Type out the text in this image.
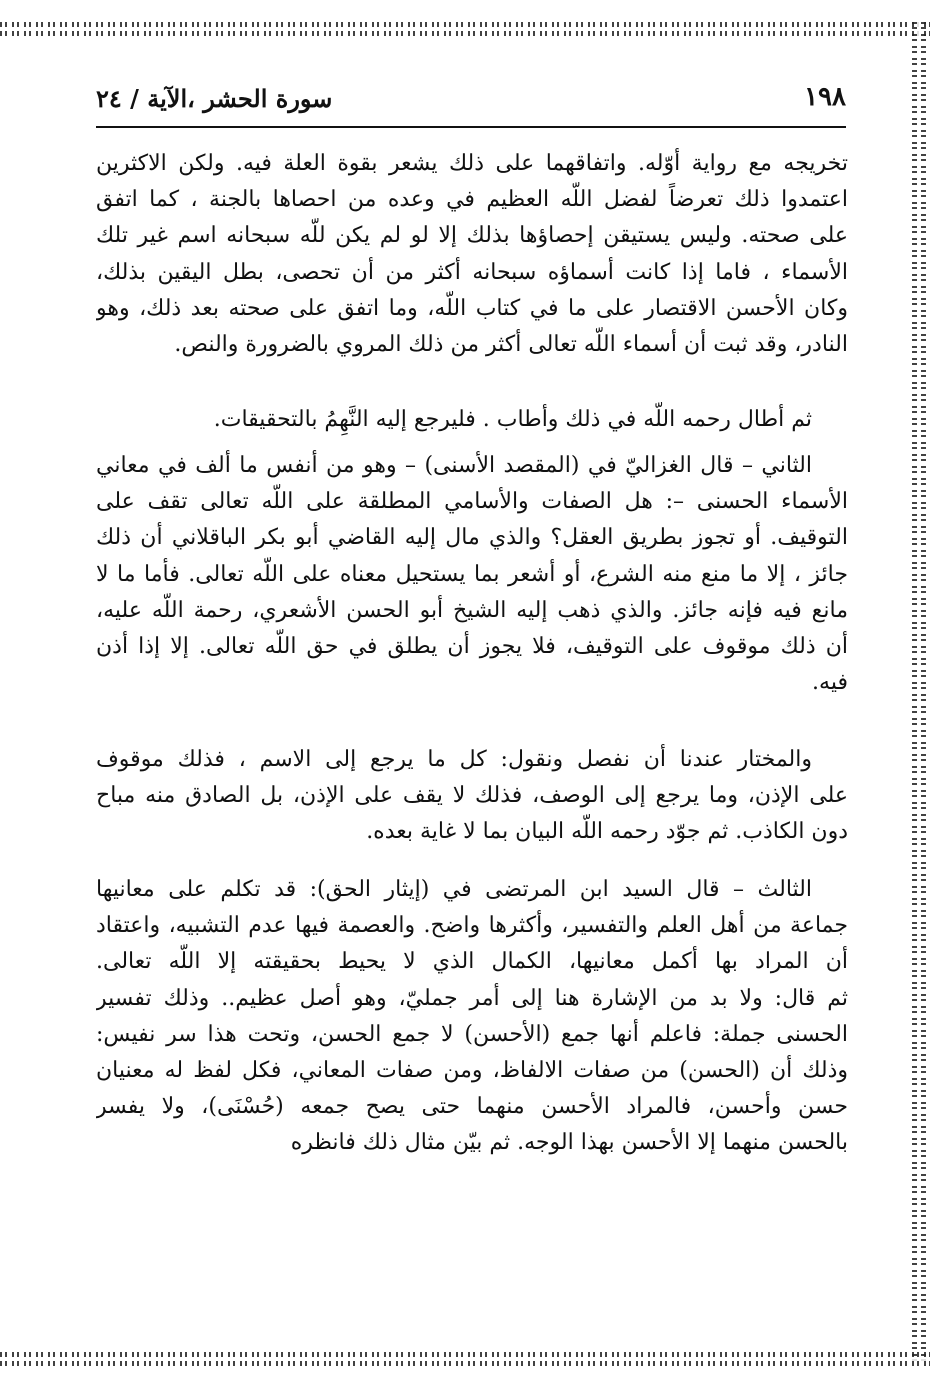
١٩٨
سورة الحشر ،الآية / ٢٤
تخريجه مع رواية أوّله. واتفاقهما على ذلك يشعر بقوة العلة فيه. ولكن الاكثرين
اعتمدوا ذلك تعرضاً لفضل اللّه العظيم في وعده من احصاها بالجنة ، كما اتفق
على صحته. وليس يستيقن إحصاؤها بذلك إلا لو لم يكن للّه سبحانه اسم غير تلك
الأسماء ، فاما إذا كانت أسماؤه سبحانه أكثر من أن تحصى، بطل اليقين بذلك،
وكان الأحسن الاقتصار على ما في كتاب اللّه، وما اتفق على صحته بعد ذلك، وهو
النادر، وقد ثبت أن أسماء اللّه تعالى أكثر من ذلك المروي بالضرورة والنص.
ثم أطال رحمه اللّه في ذلك وأطاب . فليرجع إليه النَّهِمُ بالتحقيقات.
الثاني – قال الغزاليّ في (المقصد الأسنى) – وهو من أنفس ما ألف في معاني
الأسماء الحسنى –: هل الصفات والأسامي المطلقة على اللّه تعالى تقف على
التوقيف. أو تجوز بطريق العقل؟ والذي مال إليه القاضي أبو بكر الباقلاني أن ذلك
جائز ، إلا ما منع منه الشرع، أو أشعر بما يستحيل معناه على اللّه تعالى. فأما ما لا
مانع فيه فإنه جائز. والذي ذهب إليه الشيخ أبو الحسن الأشعري، رحمة اللّه عليه،
أن ذلك موقوف على التوقيف، فلا يجوز أن يطلق في حق اللّه تعالى. إلا إذا أذن
فيه.
والمختار عندنا أن نفصل ونقول: كل ما يرجع إلى الاسم ، فذلك موقوف
على الإذن، وما يرجع إلى الوصف، فذلك لا يقف على الإذن، بل الصادق منه مباح
دون الكاذب. ثم جوّد رحمه اللّه البيان بما لا غاية بعده.
الثالث – قال السيد ابن المرتضى في (إيثار الحق): قد تكلم على معانيها
جماعة من أهل العلم والتفسير، وأكثرها واضح. والعصمة فيها عدم التشبيه، واعتقاد
أن المراد بها أكمل معانيها، الكمال الذي لا يحيط بحقيقته إلا اللّه تعالى.
ثم قال: ولا بد من الإشارة هنا إلى أمر جمليّ، وهو أصل عظيم.. وذلك تفسير
الحسنى جملة: فاعلم أنها جمع (الأحسن) لا جمع الحسن، وتحت هذا سر نفيس:
وذلك أن (الحسن) من صفات الالفاظ، ومن صفات المعاني، فكل لفظ له معنيان
حسن وأحسن، فالمراد الأحسن منهما حتى يصح جمعه (حُسْنَى)، ولا يفسر
بالحسن منهما إلا الأحسن بهذا الوجه. ثم بيّن مثال ذلك فانظره
